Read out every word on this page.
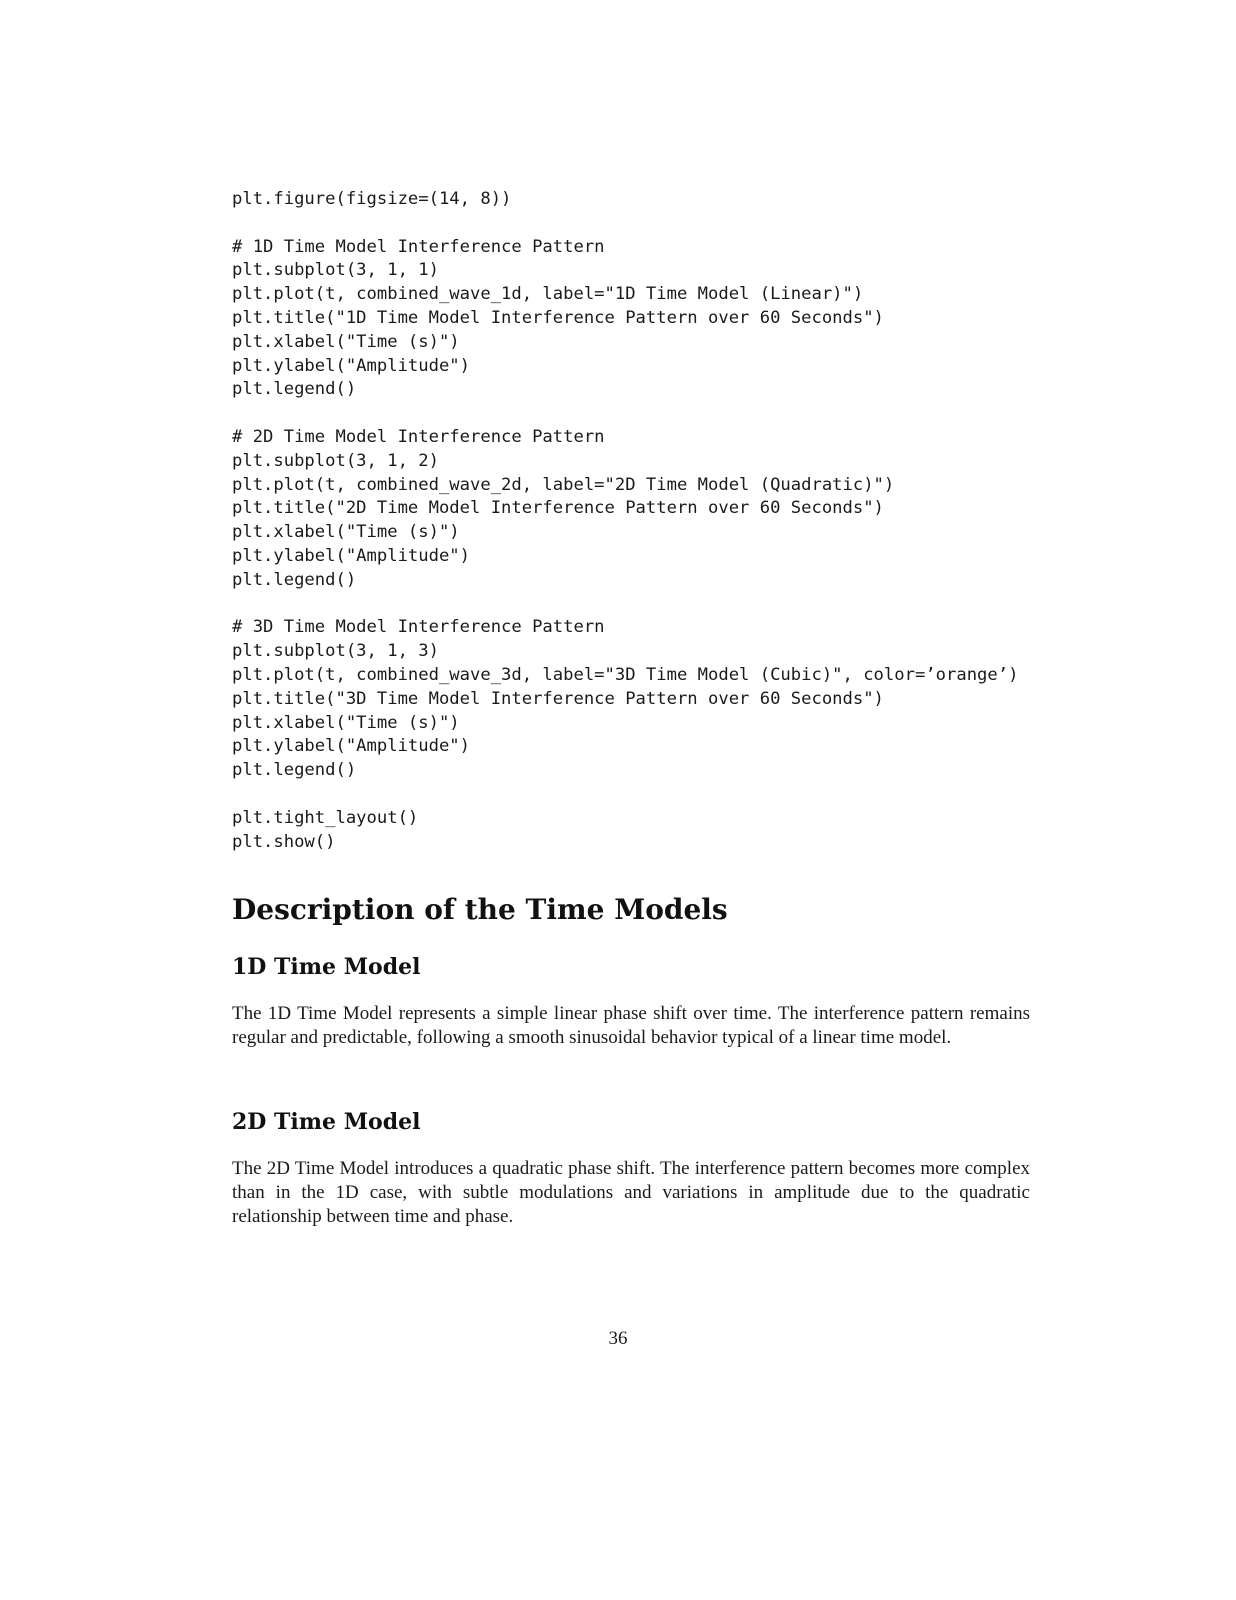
plt.figure(figsize=(14, 8))
# 1D Time Model Interference Pattern
plt.subplot(3, 1, 1)
plt.plot(t, combined_wave_1d, label="1D Time Model (Linear)")
plt.title("1D Time Model Interference Pattern over 60 Seconds")
plt.xlabel("Time (s)")
plt.ylabel("Amplitude")
plt.legend()
# 2D Time Model Interference Pattern
plt.subplot(3, 1, 2)
plt.plot(t, combined_wave_2d, label="2D Time Model (Quadratic)")
plt.title("2D Time Model Interference Pattern over 60 Seconds")
plt.xlabel("Time (s)")
plt.ylabel("Amplitude")
plt.legend()
# 3D Time Model Interference Pattern
plt.subplot(3, 1, 3)
plt.plot(t, combined_wave_3d, label="3D Time Model (Cubic)", color=’orange’)
plt.title("3D Time Model Interference Pattern over 60 Seconds")
plt.xlabel("Time (s)")
plt.ylabel("Amplitude")
plt.legend()
plt.tight_layout()
plt.show()
Description of the Time Models
1D Time Model

The 1D Time Model represents a simple linear phase shift over time. The interference pattern remains regular and predictable, following a smooth sinusoidal behavior typical of a linear time model.

2D Time Model

The 2D Time Model introduces a quadratic phase shift. The interference pattern becomes more complex than in the 1D case, with subtle modulations and variations in amplitude due to the quadratic relationship between time and phase.

36
